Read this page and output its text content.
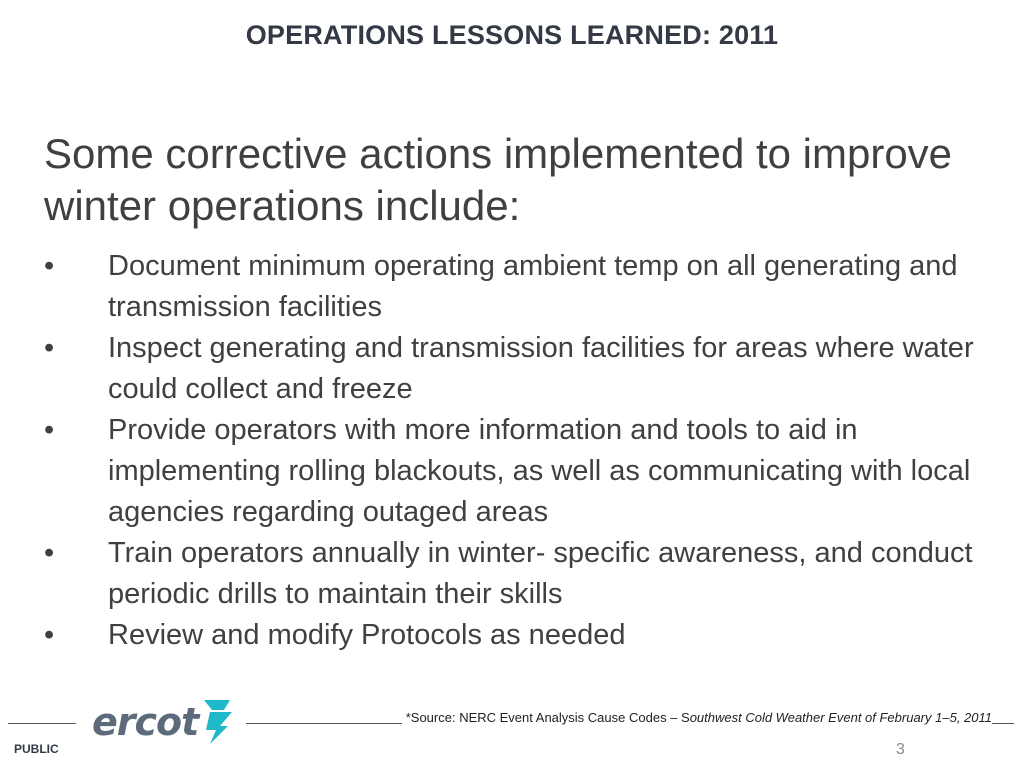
OPERATIONS LESSONS LEARNED: 2011
Some corrective actions implemented to improve winter operations include:
•	Document minimum operating ambient temp on all generating and transmission facilities
•	Inspect generating and transmission facilities for areas where water could collect and freeze
•	Provide operators with more information and tools to aid in implementing rolling blackouts, as well as communicating with local agencies regarding outaged areas
•	Train operators annually in winter- specific awareness, and conduct periodic drills to maintain their skills
•	Review and modify Protocols as needed
ercot	*Source: NERC Event Analysis Cause Codes – Southwest Cold Weather Event of February 1–5, 2011
PUBLIC	3
